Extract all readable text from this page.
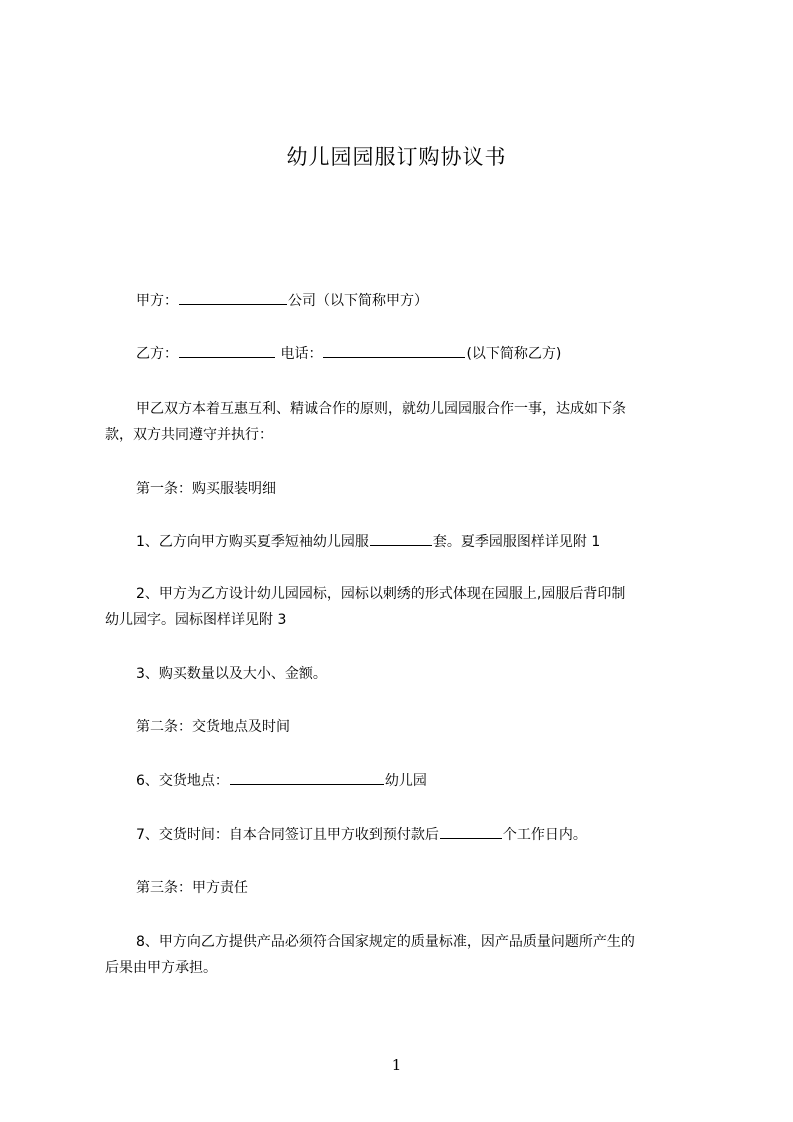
幼儿园园服订购协议书

甲方：	公司（以下简称甲方）

乙方：	电话：	(以下简称乙方)

甲乙双方本着互惠互利、精诚合作的原则，就幼儿园园服合作一事，达成如下条

款，双方共同遵守并执行：

第一条：购买服装明细

1、乙方向甲方购买夏季短袖幼儿园服	套。夏季园服图样详见附 1

2、甲方为乙方设计幼儿园园标，园标以刺绣的形式体现在园服上,园服后背印制

幼儿园字。园标图样详见附 3

3、购买数量以及大小、金额。

第二条：交货地点及时间

6、交货地点：	幼儿园

7、交货时间：自本合同签订且甲方收到预付款后	个工作日内。

第三条：甲方责任

8、甲方向乙方提供产品必须符合国家规定的质量标准，因产品质量问题所产生的

后果由甲方承担。

1
